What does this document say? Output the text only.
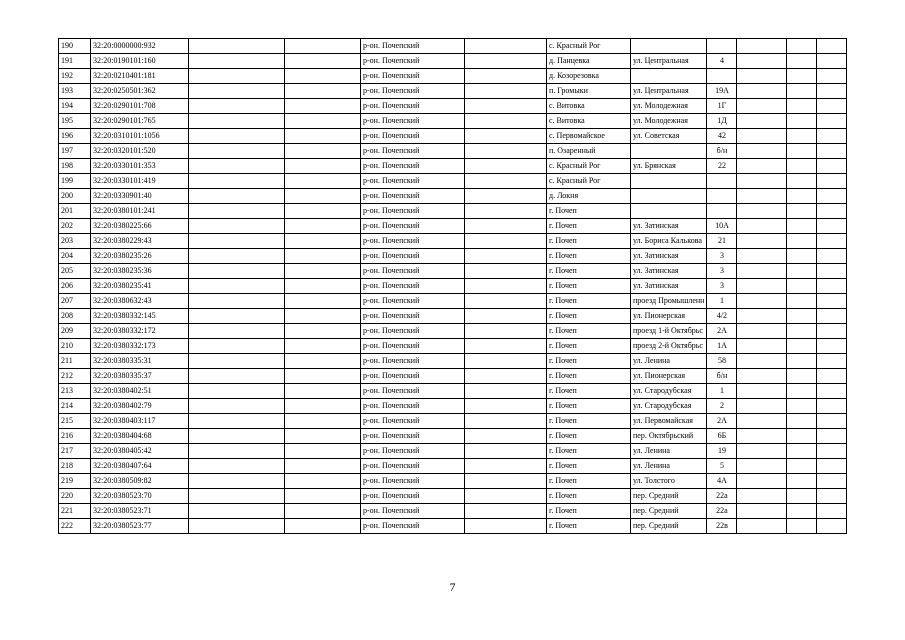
190	32:20:0000000:932			р-он. Почепский		с. Красный Рог					
191	32:20:0190101:160			р-он. Почепский		д. Панцевка	ул. Центральная	4			
192	32:20:0210401:181			р-он. Почепский		д. Козорезовка					
193	32:20:0250501:362			р-он. Почепский		п. Громыки	ул. Центральная	19А			
194	32:20:0290101:708			р-он. Почепский		с. Витовка	ул. Молодежная	1Г			
195	32:20:0290101:765			р-он. Почепский		с. Витовка	ул. Молодежная	1Д			
196	32:20:0310101:1056			р-он. Почепский		с. Первомайское	ул. Советская	42			
197	32:20:0320101:520			р-он. Почепский		п. Озаренный		б/н			
198	32:20:0330101:353			р-он. Почепский		с. Красный Рог	ул. Брянская	22			
199	32:20:0330101:419			р-он. Почепский		с. Красный Рог					
200	32:20:0330901:40			р-он. Почепский		д. Локня					
201	32:20:0380101:241			р-он. Почепский		г. Почеп					
202	32:20:0380225:66			р-он. Почепский		г. Почеп	ул. Затинская	10А			
203	32:20:0380229:43			р-он. Почепский		г. Почеп	ул. Бориса Калькова	21			
204	32:20:0380235:26			р-он. Почепский		г. Почеп	ул. Затинская	3			
205	32:20:0380235:36			р-он. Почепский		г. Почеп	ул. Затинская	3			
206	32:20:0380235:41			р-он. Почепский		г. Почеп	ул. Затинская	3			
207	32:20:0380632:43			р-он. Почепский		г. Почеп	проезд Промышленн	1			
208	32:20:0380332:145			р-он. Почепский		г. Почеп	ул. Пионерская	4/2			
209	32:20:0380332:172			р-он. Почепский		г. Почеп	проезд 1-й Октябрьс	2А			
210	32:20:0380332:173			р-он. Почепский		г. Почеп	проезд 2-й Октябрьс	1А			
211	32:20:0380335:31			р-он. Почепский		г. Почеп	ул. Ленина	58			
212	32:20:0380335:37			р-он. Почепский		г. Почеп	ул. Пионерская	б/н			
213	32:20:0380402:51			р-он. Почепский		г. Почеп	ул. Стародубская	1			
214	32:20:0380402:79			р-он. Почепский		г. Почеп	ул. Стародубская	2			
215	32:20:0380403:117			р-он. Почепский		г. Почеп	ул. Первомайская	2А			
216	32:20:0380404:68			р-он. Почепский		г. Почеп	пер. Октябрьский	6Б			
217	32:20:0380405:42			р-он. Почепский		г. Почеп	ул. Ленина	19			
218	32:20:0380407:64			р-он. Почепский		г. Почеп	ул. Ленина	5			
219	32:20:0380509:82			р-он. Почепский		г. Почеп	ул. Толстого	4А			
220	32:20:0380523:70			р-он. Почепский		г. Почеп	пер. Средний	22а			
221	32:20:0380523:71			р-он. Почепский		г. Почеп	пер. Средний	22а			
222	32:20:0380523:77			р-он. Почепский		г. Почеп	пер. Средний	22в			
7
